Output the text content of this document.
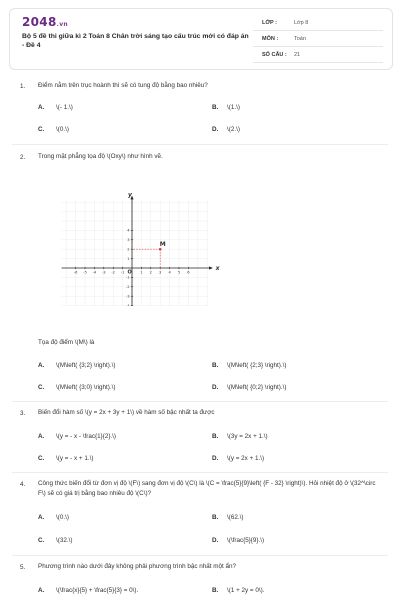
2048.vn
Bộ 5 đề thi giữa kì 2 Toán 8 Chân trời sáng tạo cấu trúc mới có đáp án - Đề 4
LỚP :	Lớp 8
MÔN :	Toán
SỐ CÂU : 21
1. Điểm nằm trên trục hoành thì sẽ có tung độ bằng bao nhiêu?
A. \(- 1.\)	B. \(1.\)
C. \(0.\)	D. \(2.\)
2. Trong mặt phẳng tọa độ \(Oxy\) như hình vẽ.
-6 -5 -4 -3 -2 -1	1 2 3 4 5 6
-4
-3
-2
-1
1
2
3
4
M
x
y
O
Tọa độ điểm \(M\) là
A. \(M\left( {3;2} \right).\)	B. \(M\left( {2;3} \right).\)
C. \(M\left( {3;0} \right).\)	D. \(M\left( {0;2} \right).\)
3. Biến đổi hàm số \(y = 2x + 3y + 1\) về hàm số bậc nhất ta được
A. \(y = - x - \frac{1}{2}.\)	B. \(3y = 2x + 1.\)
C. \(y = - x + 1.\)	D. \(y = 2x + 1.\)
4. Công thức biến đổi từ đơn vị độ \(F\) sang đơn vị độ \(C\) là \(C = \frac{5}{9}\left( {F - 32} \right)\). Hỏi nhiệt độ ở \(32^\circ F\) sẽ có giá trị bằng bao nhiêu độ \(C\)?
A. \(0.\)	B. \(62.\)
C. \(32.\)	D. \(\frac{5}{9}.\)
5. Phương trình nào dưới đây không phải phương trình bậc nhất một ẩn?
A. \(\frac{x}{5} + \frac{5}{3} = 0\).	B. \(1 + 2y = 0\).
